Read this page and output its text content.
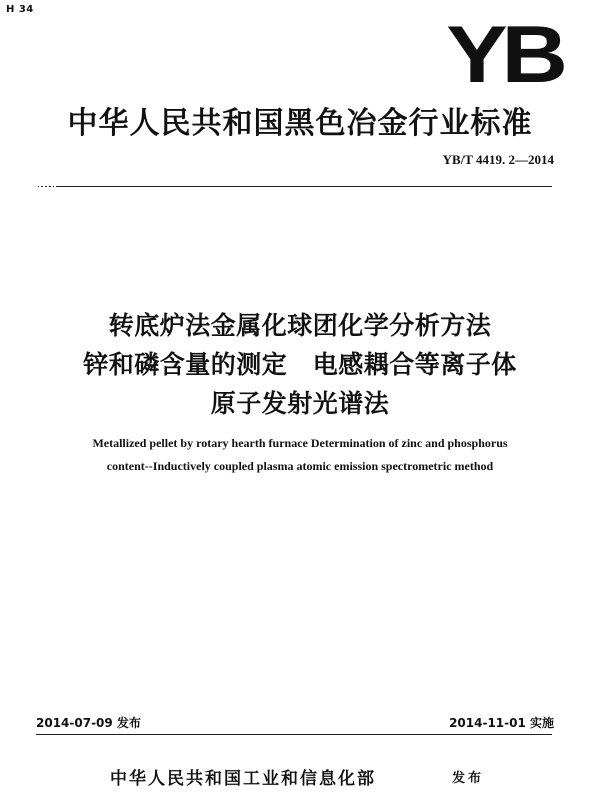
H 34
YB
中华人民共和国黑色冶金行业标准
YB/T 4419. 2—2014
转底炉法金属化球团化学分析方法
锌和磷含量的测定　电感耦合等离子体
原子发射光谱法
Metallized pellet by rotary hearth furnace Determination of zinc and phosphorus
content--Inductively coupled plasma atomic emission spectrometric method
2014-07-09 发布	2014-11-01 实施
中华人民共和国工业和信息化部	发布
